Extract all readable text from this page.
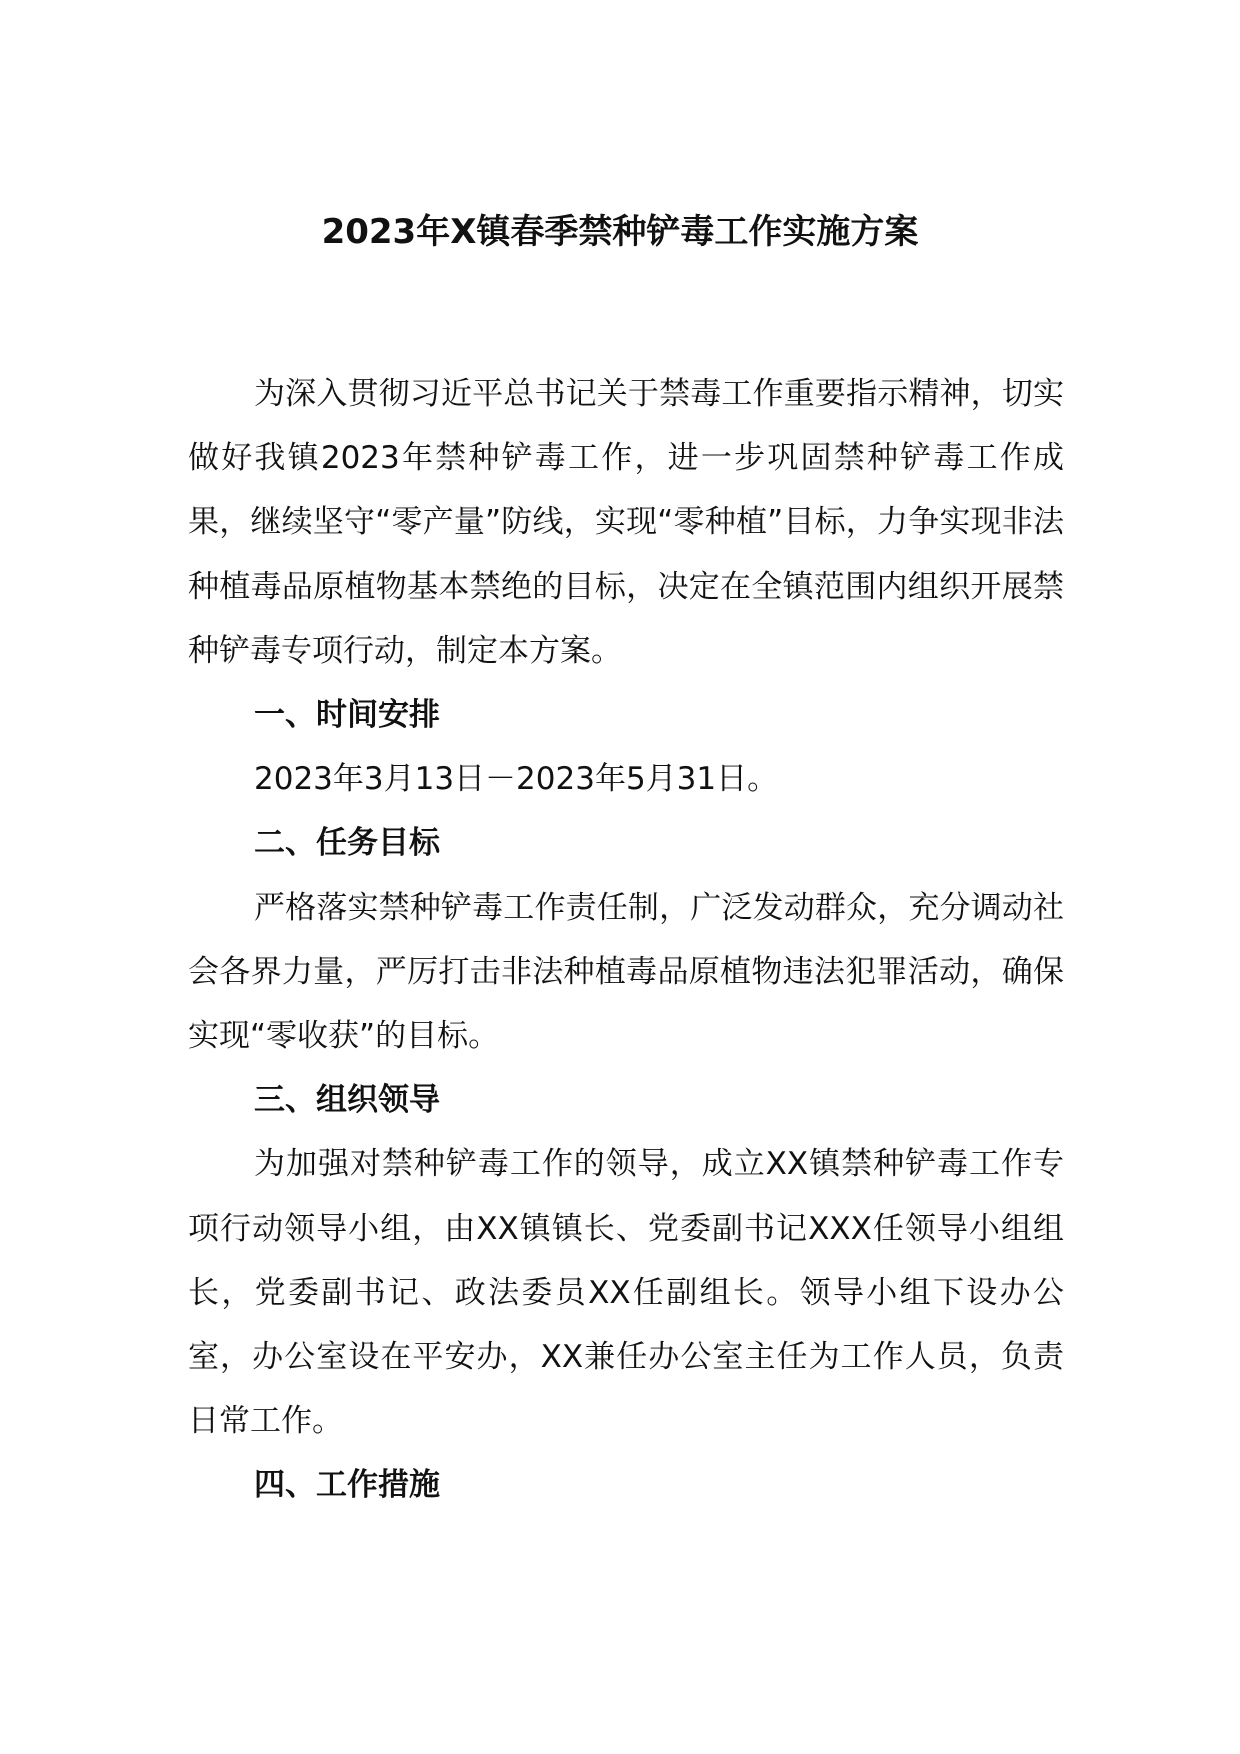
2023年X镇春季禁种铲毒工作实施方案

为深入贯彻习近平总书记关于禁毒工作重要指示精神，切实做好我镇2023年禁种铲毒工作，进一步巩固禁种铲毒工作成果，继续坚守“零产量”防线，实现“零种植”目标，力争实现非法种植毒品原植物基本禁绝的目标，决定在全镇范围内组织开展禁种铲毒专项行动，制定本方案。

一、时间安排

2023年3月13日－2023年5月31日。

二、任务目标

严格落实禁种铲毒工作责任制，广泛发动群众，充分调动社会各界力量，严厉打击非法种植毒品原植物违法犯罪活动，确保实现“零收获”的目标。

三、组织领导

为加强对禁种铲毒工作的领导，成立XX镇禁种铲毒工作专项行动领导小组，由XX镇镇长、党委副书记XXX任领导小组组长，党委副书记、政法委员XX任副组长。领导小组下设办公室，办公室设在平安办，XX兼任办公室主任为工作人员，负责日常工作。

四、工作措施
